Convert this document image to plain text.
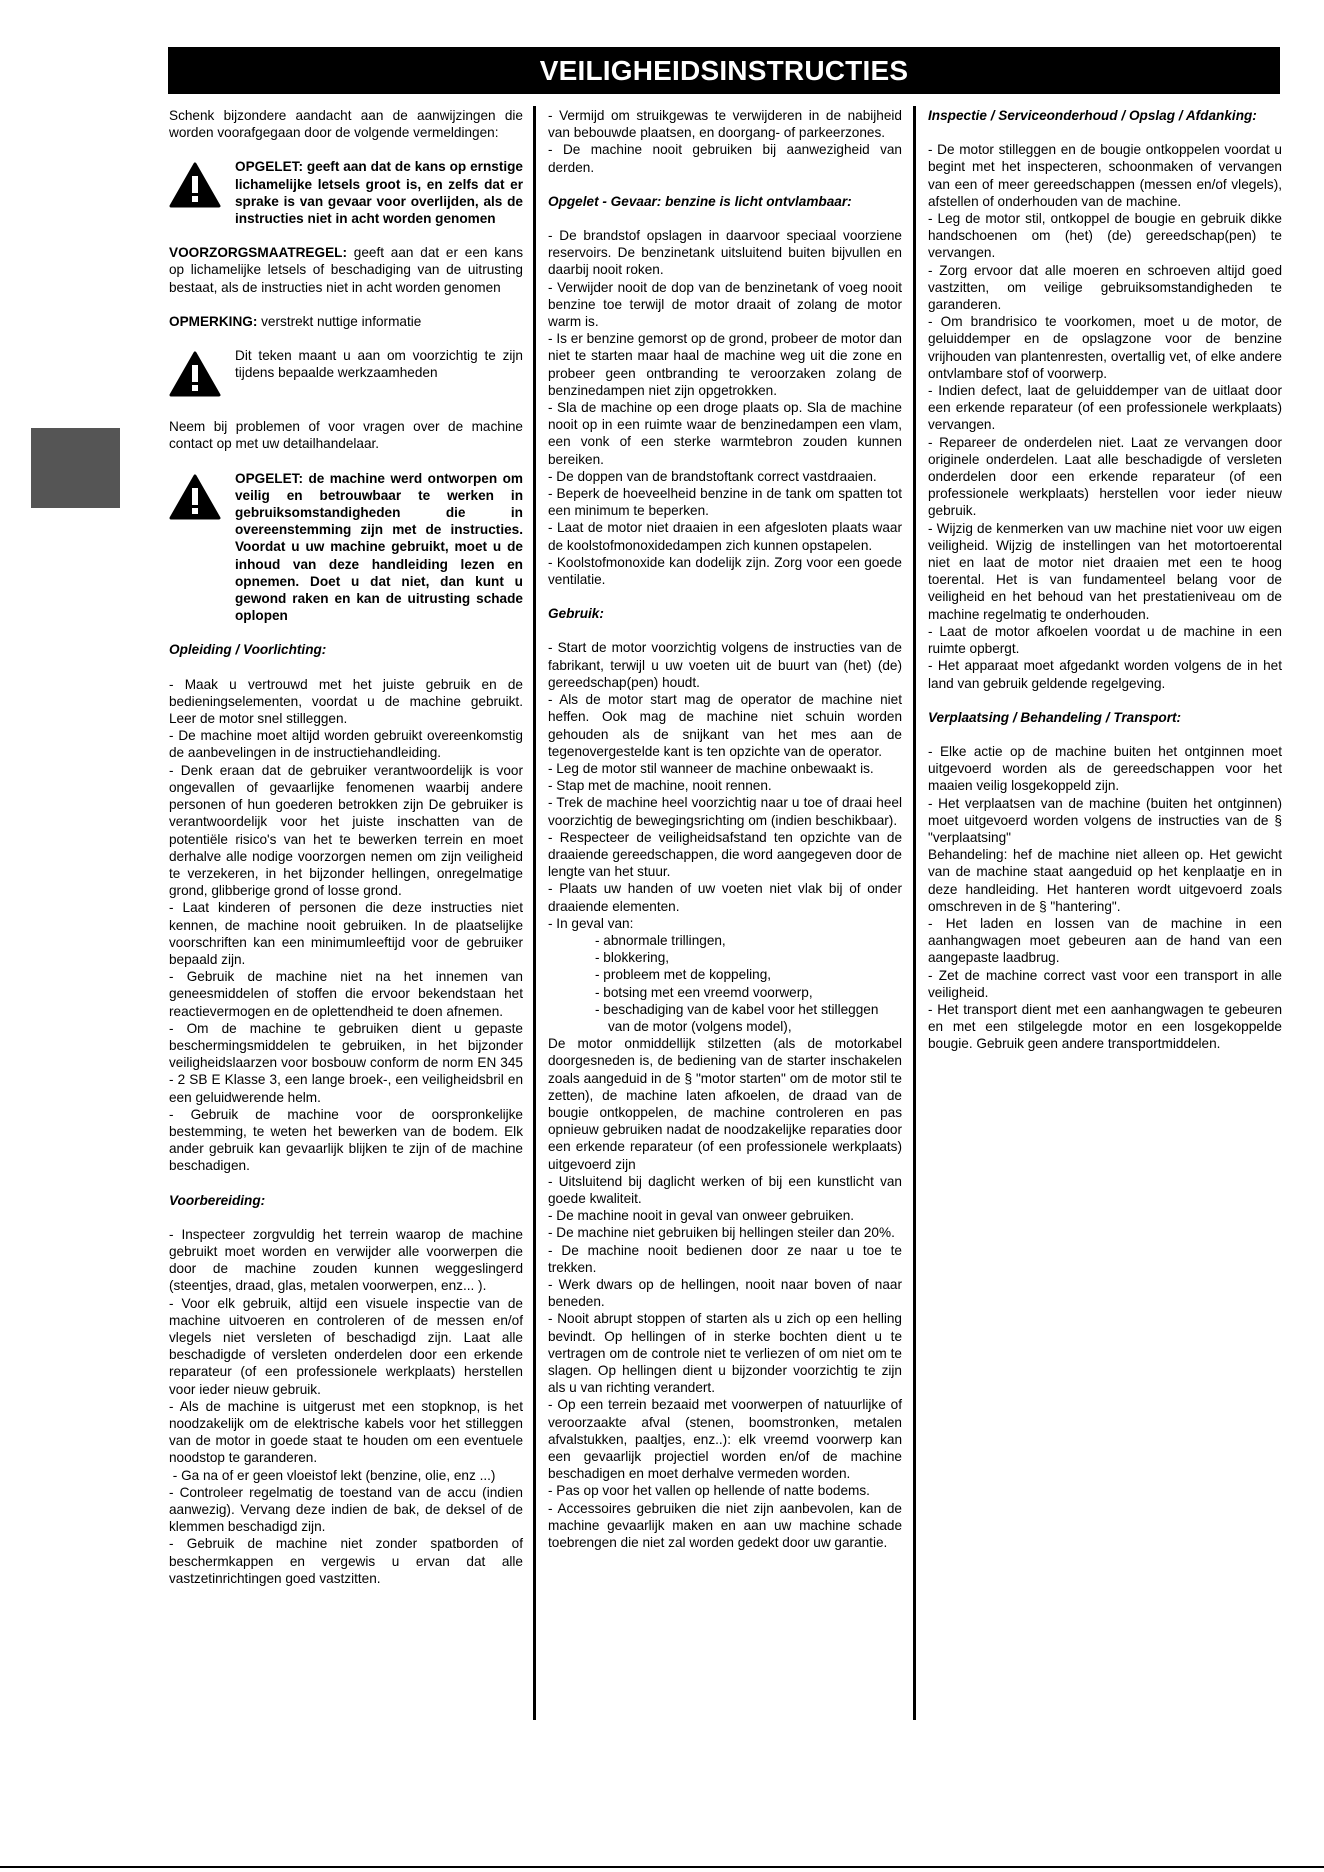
VEILIGHEIDSINSTRUCTIES

Schenk bijzondere aandacht aan de aanwijzingen die worden voorafgegaan door de volgende vermeldingen:

OPGELET: geeft aan dat de kans op ernstige lichamelijke letsels groot is, en zelfs dat er sprake is van gevaar voor overlijden, als de instructies niet in acht worden genomen

VOORZORGSMAATREGEL: geeft aan dat er een kans op lichamelijke letsels of beschadiging van de uitrusting bestaat, als de instructies niet in acht worden genomen

OPMERKING: verstrekt nuttige informatie

Dit teken maant u aan om voorzichtig te zijn tijdens bepaalde werkzaamheden

Neem bij problemen of voor vragen over de machine contact op met uw detailhandelaar.

OPGELET: de machine werd ontworpen om veilig en betrouwbaar te werken in gebruiksomstandigheden die in overeenstemming zijn met de instructies. Voordat u uw machine gebruikt, moet u de inhoud van deze handleiding lezen en opnemen. Doet u dat niet, dan kunt u gewond raken en kan de uitrusting schade oplopen

Opleiding / Voorlichting:

- Maak u vertrouwd met het juiste gebruik en de bedieningselementen, voordat u de machine gebruikt. Leer de motor snel stilleggen.

- De machine moet altijd worden gebruikt overeenkomstig de aanbevelingen in de instructiehandleiding.

- Denk eraan dat de gebruiker verantwoordelijk is voor ongevallen of gevaarlijke fenomenen waarbij andere personen of hun goederen betrokken zijn De gebruiker is verantwoordelijk voor het juiste inschatten van de potentiële risico's van het te bewerken terrein en moet derhalve alle nodige voorzorgen nemen om zijn veiligheid te verzekeren, in het bijzonder hellingen, onregelmatige grond, glibberige grond of losse grond.

- Laat kinderen of personen die deze instructies niet kennen, de machine nooit gebruiken. In de plaatselijke voorschriften kan een minimumleeftijd voor de gebruiker bepaald zijn.

- Gebruik de machine niet na het innemen van geneesmiddelen of stoffen die ervoor bekendstaan het reactievermogen en de oplettendheid te doen afnemen.

- Om de machine te gebruiken dient u gepaste beschermingsmiddelen te gebruiken, in het bijzonder veiligheidslaarzen voor bosbouw conform de norm EN 345 - 2 SB E Klasse 3, een lange broek-, een veiligheidsbril en een geluidwerende helm.

- Gebruik de machine voor de oorspronkelijke bestemming, te weten het bewerken van de bodem. Elk ander gebruik kan gevaarlijk blijken te zijn of de machine beschadigen.

Voorbereiding:

- Inspecteer zorgvuldig het terrein waarop de machine gebruikt moet worden en verwijder alle voorwerpen die door de machine zouden kunnen weggeslingerd (steentjes, draad, glas, metalen voorwerpen, enz... ).

- Voor elk gebruik, altijd een visuele inspectie van de machine uitvoeren en controleren of de messen en/of vlegels niet versleten of beschadigd zijn. Laat alle beschadigde of versleten onderdelen door een erkende reparateur (of een professionele werkplaats) herstellen voor ieder nieuw gebruik.

- Als de machine is uitgerust met een stopknop, is het noodzakelijk om de elektrische kabels voor het stilleggen van de motor in goede staat te houden om een eventuele noodstop te garanderen.

- Ga na of er geen vloeistof lekt (benzine, olie, enz ...)

- Controleer regelmatig de toestand van de accu (indien aanwezig). Vervang deze indien de bak, de deksel of de klemmen beschadigd zijn.

- Gebruik de machine niet zonder spatborden of beschermkappen en vergewis u ervan dat alle vastzetinrichtingen goed vastzitten.

- Vermijd om struikgewas te verwijderen in de nabijheid van bebouwde plaatsen, en doorgang- of parkeerzones.

- De machine nooit gebruiken bij aanwezigheid van derden.

Opgelet - Gevaar: benzine is licht ontvlambaar:

- De brandstof opslagen in daarvoor speciaal voorziene reservoirs. De benzinetank uitsluitend buiten bijvullen en daarbij nooit roken.

- Verwijder nooit de dop van de benzinetank of voeg nooit benzine toe terwijl de motor draait of zolang de motor warm is.

- Is er benzine gemorst op de grond, probeer de motor dan niet te starten maar haal de machine weg uit die zone en probeer geen ontbranding te veroorzaken zolang de benzinedampen niet zijn opgetrokken.

- Sla de machine op een droge plaats op. Sla de machine nooit op in een ruimte waar de benzinedampen een vlam, een vonk of een sterke warmtebron zouden kunnen bereiken.

- De doppen van de brandstoftank correct vastdraaien.

- Beperk de hoeveelheid benzine in de tank om spatten tot een minimum te beperken.

- Laat de motor niet draaien in een afgesloten plaats waar de koolstofmonoxidedampen zich kunnen opstapelen.

- Koolstofmonoxide kan dodelijk zijn. Zorg voor een goede ventilatie.

Gebruik:

- Start de motor voorzichtig volgens de instructies van de fabrikant, terwijl u uw voeten uit de buurt van (het) (de) gereedschap(pen) houdt.

- Als de motor start mag de operator de machine niet heffen. Ook mag de machine niet schuin worden gehouden als de snijkant van het mes aan de tegenovergestelde kant is ten opzichte van de operator.

- Leg de motor stil wanneer de machine onbewaakt is.

- Stap met de machine, nooit rennen.

- Trek de machine heel voorzichtig naar u toe of draai heel voorzichtig de bewegingsrichting om (indien beschikbaar).

- Respecteer de veiligheidsafstand ten opzichte van de draaiende gereedschappen, die word aangegeven door de lengte van het stuur.

- Plaats uw handen of uw voeten niet vlak bij of onder draaiende elementen.

- In geval van:

- abnormale trillingen,

- blokkering,

- probleem met de koppeling,

- botsing met een vreemd voorwerp,

- beschadiging van de kabel voor het stilleggen

van de motor (volgens model),

De motor onmiddellijk stilzetten (als de motorkabel doorgesneden is, de bediening van de starter inschakelen zoals aangeduid in de § "motor starten" om de motor stil te zetten), de machine laten afkoelen, de draad van de bougie ontkoppelen, de machine controleren en pas opnieuw gebruiken nadat de noodzakelijke reparaties door een erkende reparateur (of een professionele werkplaats) uitgevoerd zijn

- Uitsluitend bij daglicht werken of bij een kunstlicht van goede kwaliteit.

- De machine nooit in geval van onweer gebruiken.

- De machine niet gebruiken bij hellingen steiler dan 20%.

- De machine nooit bedienen door ze naar u toe te trekken.

- Werk dwars op de hellingen, nooit naar boven of naar beneden.

- Nooit abrupt stoppen of starten als u zich op een helling bevindt. Op hellingen of in sterke bochten dient u te vertragen om de controle niet te verliezen of om niet om te slagen. Op hellingen dient u bijzonder voorzichtig te zijn als u van richting verandert.

- Op een terrein bezaaid met voorwerpen of natuurlijke of veroorzaakte afval (stenen, boomstronken, metalen afvalstukken, paaltjes, enz..): elk vreemd voorwerp kan een gevaarlijk projectiel worden en/of de machine beschadigen en moet derhalve vermeden worden.

- Pas op voor het vallen op hellende of natte bodems.

- Accessoires gebruiken die niet zijn aanbevolen, kan de machine gevaarlijk maken en aan uw machine schade toebrengen die niet zal worden gedekt door uw garantie.

Inspectie / Serviceonderhoud / Opslag / Afdanking:

- De motor stilleggen en de bougie ontkoppelen voordat u begint met het inspecteren, schoonmaken of vervangen van een of meer gereedschappen (messen en/of vlegels), afstellen of onderhouden van de machine.

- Leg de motor stil, ontkoppel de bougie en gebruik dikke handschoenen om (het) (de) gereedschap(pen) te vervangen.

- Zorg ervoor dat alle moeren en schroeven altijd goed vastzitten, om veilige gebruiksomstandigheden te garanderen.

- Om brandrisico te voorkomen, moet u de motor, de geluiddemper en de opslagzone voor de benzine vrijhouden van plantenresten, overtallig vet, of elke andere ontvlambare stof of voorwerp.

- Indien defect, laat de geluiddemper van de uitlaat door een erkende reparateur (of een professionele werkplaats) vervangen.

- Repareer de onderdelen niet. Laat ze vervangen door originele onderdelen. Laat alle beschadigde of versleten onderdelen door een erkende reparateur (of een professionele werkplaats) herstellen voor ieder nieuw gebruik.

- Wijzig de kenmerken van uw machine niet voor uw eigen veiligheid. Wijzig de instellingen van het motortoerental niet en laat de motor niet draaien met een te hoog toerental. Het is van fundamenteel belang voor de veiligheid en het behoud van het prestatieniveau om de machine regelmatig te onderhouden.

- Laat de motor afkoelen voordat u de machine in een ruimte opbergt.

- Het apparaat moet afgedankt worden volgens de in het land van gebruik geldende regelgeving.

Verplaatsing / Behandeling / Transport:

- Elke actie op de machine buiten het ontginnen moet uitgevoerd worden als de gereedschappen voor het maaien veilig losgekoppeld zijn.

- Het verplaatsen van de machine (buiten het ontginnen) moet uitgevoerd worden volgens de instructies van de § "verplaatsing"

Behandeling: hef de machine niet alleen op. Het gewicht van de machine staat aangeduid op het kenplaatje en in deze handleiding. Het hanteren wordt uitgevoerd zoals omschreven in de § "hantering".

- Het laden en lossen van de machine in een aanhangwagen moet gebeuren aan de hand van een aangepaste laadbrug.

- Zet de machine correct vast voor een transport in alle veiligheid.

- Het transport dient met een aanhangwagen te gebeuren en met een stilgelegde motor en een losgekoppelde bougie. Gebruik geen andere transportmiddelen.
